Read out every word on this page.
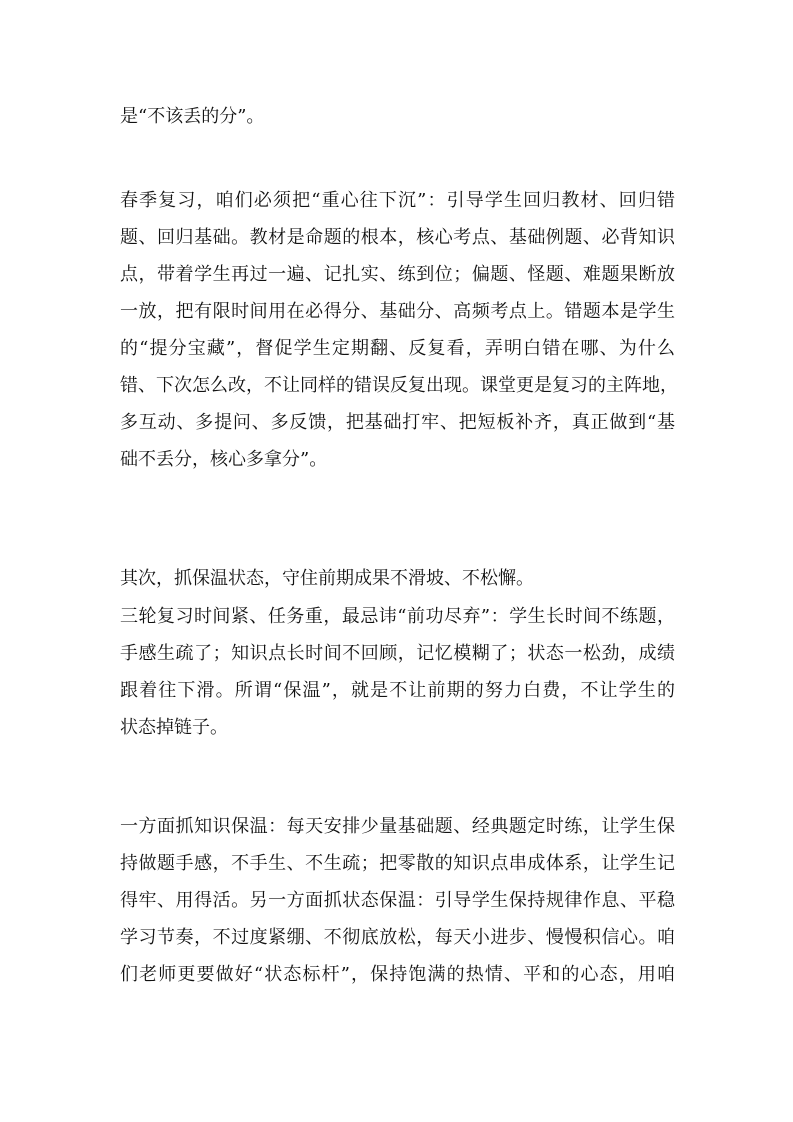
是“不该丢的分”。
春季复习，咱们必须把“重心往下沉”：引导学生回归教材、回归错
题、回归基础。教材是命题的根本，核心考点、基础例题、必背知识
点，带着学生再过一遍、记扎实、练到位；偏题、怪题、难题果断放
一放，把有限时间用在必得分、基础分、高频考点上。错题本是学生
的“提分宝藏”，督促学生定期翻、反复看，弄明白错在哪、为什么
错、下次怎么改，不让同样的错误反复出现。课堂更是复习的主阵地，
多互动、多提问、多反馈，把基础打牢、把短板补齐，真正做到“基
础不丢分，核心多拿分”。
其次，抓保温状态，守住前期成果不滑坡、不松懈。
三轮复习时间紧、任务重，最忌讳“前功尽弃”：学生长时间不练题，
手感生疏了；知识点长时间不回顾，记忆模糊了；状态一松劲，成绩
跟着往下滑。所谓“保温”，就是不让前期的努力白费，不让学生的
状态掉链子。
一方面抓知识保温：每天安排少量基础题、经典题定时练，让学生保
持做题手感，不手生、不生疏；把零散的知识点串成体系，让学生记
得牢、用得活。另一方面抓状态保温：引导学生保持规律作息、平稳
学习节奏，不过度紧绷、不彻底放松，每天小进步、慢慢积信心。咱
们老师更要做好“状态标杆”，保持饱满的热情、平和的心态，用咱
